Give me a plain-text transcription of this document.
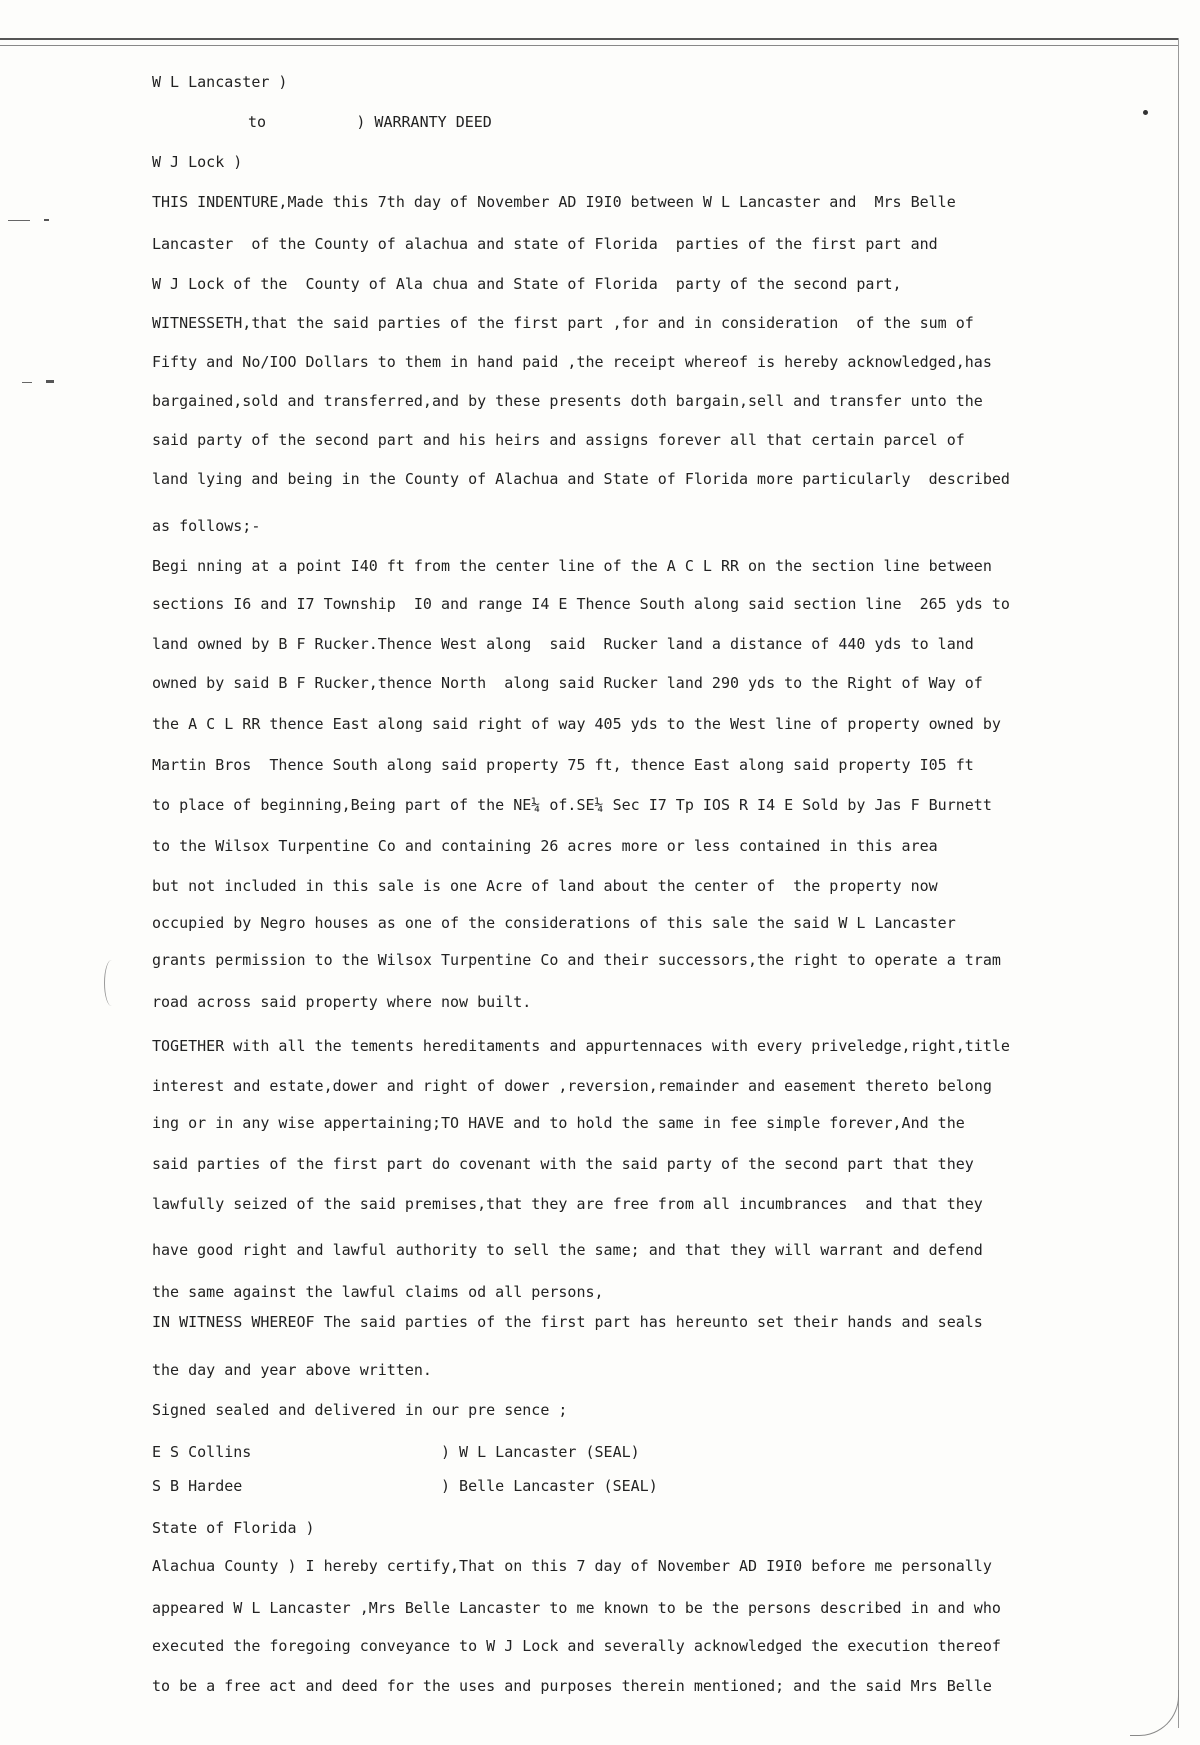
W L Lancaster )

to          ) WARRANTY DEED

W J Lock )

THIS INDENTURE,Made this 7th day of November AD I9I0 between W L Lancaster and  Mrs Belle

Lancaster  of the County of alachua and state of Florida  parties of the first part and

W J Lock of the  County of Ala chua and State of Florida  party of the second part,

WITNESSETH,that the said parties of the first part ,for and in consideration  of the sum of

Fifty and No/IOO Dollars to them in hand paid ,the receipt whereof is hereby acknowledged,has

bargained,sold and transferred,and by these presents doth bargain,sell and transfer unto the

said party of the second part and his heirs and assigns forever all that certain parcel of

land lying and being in the County of Alachua and State of Florida more particularly  described

as follows;-

Begi nning at a point I40 ft from the center line of the A C L RR on the section line between

sections I6 and I7 Township  I0 and range I4 E Thence South along said section line  265 yds to

land owned by B F Rucker.Thence West along  said  Rucker land a distance of 440 yds to land

owned by said B F Rucker,thence North  along said Rucker land 290 yds to the Right of Way of

the A C L RR thence East along said right of way 405 yds to the West line of property owned by

Martin Bros  Thence South along said property 75 ft, thence East along said property I05 ft

to place of beginning,Being part of the NE¼ of.SE¼ Sec I7 Tp IOS R I4 E Sold by Jas F Burnett

to the Wilsox Turpentine Co and containing 26 acres more or less contained in this area

but not included in this sale is one Acre of land about the center of  the property now

occupied by Negro houses as one of the considerations of this sale the said W L Lancaster

grants permission to the Wilsox Turpentine Co and their successors,the right to operate a tram

road across said property where now built.

TOGETHER with all the tements hereditaments and appurtennaces with every priveledge,right,title

interest and estate,dower and right of dower ,reversion,remainder and easement thereto belong

ing or in any wise appertaining;TO HAVE and to hold the same in fee simple forever,And the

said parties of the first part do covenant with the said party of the second part that they

lawfully seized of the said premises,that they are free from all incumbrances  and that they

have good right and lawful authority to sell the same; and that they will warrant and defend

the same against the lawful claims od all persons,

IN WITNESS WHEREOF The said parties of the first part has hereunto set their hands and seals

the day and year above written.

Signed sealed and delivered in our pre sence ;

E S Collins                     ) W L Lancaster (SEAL)

S B Hardee                      ) Belle Lancaster (SEAL)

State of Florida )

Alachua County ) I hereby certify,That on this 7 day of November AD I9I0 before me personally

appeared W L Lancaster ,Mrs Belle Lancaster to me known to be the persons described in and who

executed the foregoing conveyance to W J Lock and severally acknowledged the execution thereof

to be a free act and deed for the uses and purposes therein mentioned; and the said Mrs Belle
